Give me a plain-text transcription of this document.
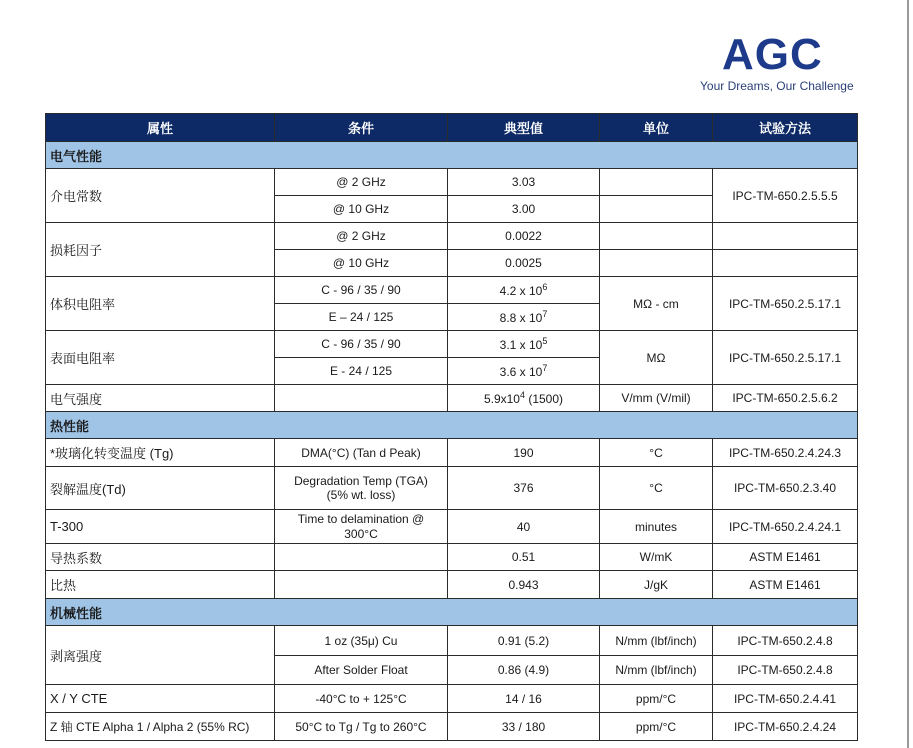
AGC
Your Dreams, Our Challenge
属性	条件	典型值	单位	试验方法
电气性能				
介电常数	@ 2 GHz	3.03		IPC-TM-650.2.5.5.5
	@ 10 GHz	3.00		
损耗因子	@ 2 GHz	0.0022		
	@ 10 GHz	0.0025		
体积电阻率	C - 96 / 35 / 90	4.2 x $10^6$	MΩ - cm	IPC-TM-650.2.5.17.1
	E – 24 / 125	8.8 x $10^7$
表面电阻率	C - 96 / 35 / 90	3.1 x $10^5$	MΩ	IPC-TM-650.2.5.17.1
	E - 24 / 125	3.6 x $10^7$
电气强度		$5.9x10^4$ (1500)	V/mm (V/mil)	IPC-TM-650.2.5.6.2
热性能				
*玻璃化转变温度 (Tg)	DMA(°C) (Tan d Peak)	190	°C	IPC-TM-650.2.4.24.3
裂解温度(Td)	Degradation Temp (TGA)
(5% wt. loss)	376	°C	IPC-TM-650.2.3.40
T-300	Time to delamination @
300°C	40	minutes	IPC-TM-650.2.4.24.1
导热系数		0.51	W/mK	ASTM E1461
比热		0.943	J/gK	ASTM E1461
机械性能				
剥离强度	1 oz (35μ) Cu	0.91 (5.2)	N/mm (lbf/inch)	IPC-TM-650.2.4.8
	After Solder Float	0.86 (4.9)	N/mm (lbf/inch)	IPC-TM-650.2.4.8
X / Y CTE	-40°C to + 125°C	14 / 16	ppm/°C	IPC-TM-650.2.4.41
Z 轴 CTE Alpha 1 / Alpha 2 (55% RC)	50°C to Tg / Tg to 260°C	33 / 180	ppm/°C	IPC-TM-650.2.4.24
